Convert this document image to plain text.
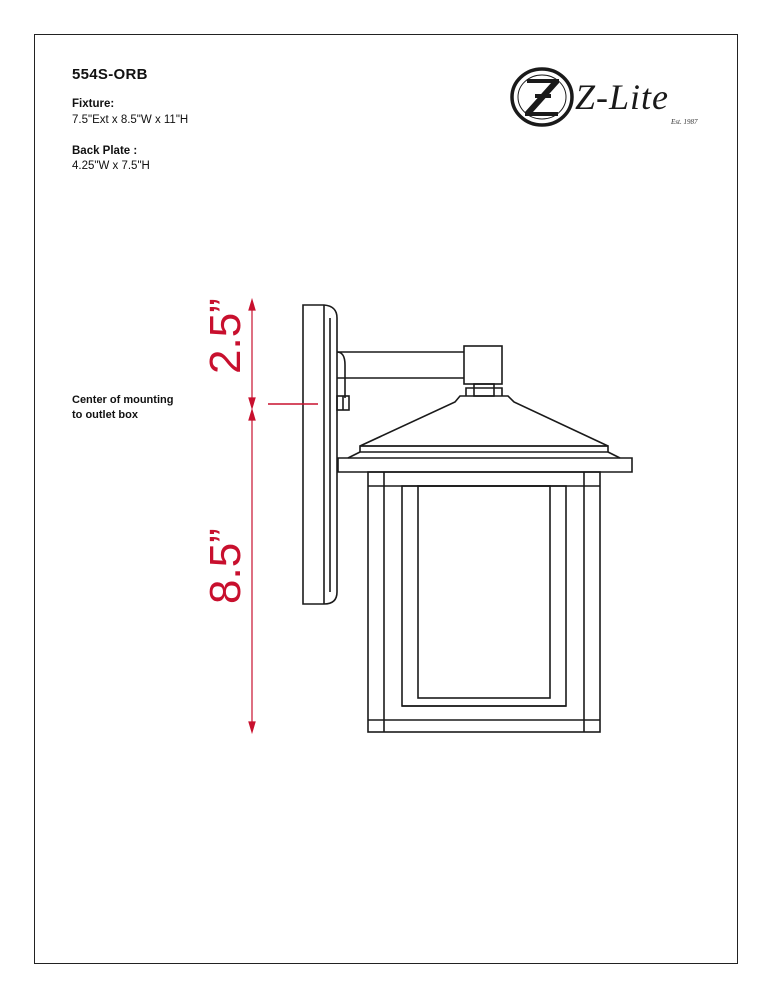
554S-ORB
Fixture:
7.5"Ext x 8.5"W x 11"H
Back Plate :
4.25"W x 7.5"H
Center of mounting
to outlet box
Z-Lite
Est. 1987
2.5”
8.5”
